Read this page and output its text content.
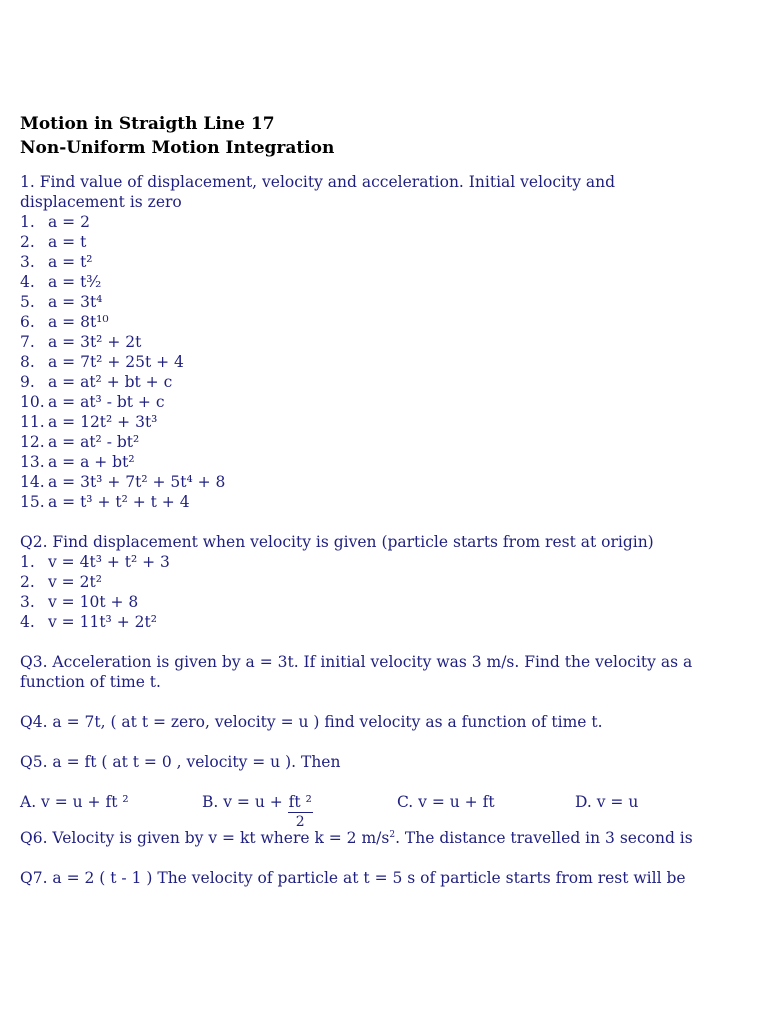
Motion in Straigth Line 17
Non-Uniform Motion Integration
1. Find value of displacement, velocity and acceleration. Initial velocity and
displacement is zero
1. a = 2
2. a = t
3. a = t²
4. a = t³⁄₂
5. a = 3t⁴
6. a = 8t¹⁰
7. a = 3t² + 2t
8. a = 7t² + 25t + 4
9. a = at² + bt + c
10. a = at³ - bt + c
11. a = 12t² + 3t³
12. a = at² - bt²
13. a = a + bt²
14. a = 3t³ + 7t² + 5t⁴ + 8
15. a = t³ + t² + t + 4
Q2. Find displacement when velocity is given (particle starts from rest at origin)
1. v = 4t³ + t² + 3
2. v = 2t²
3. v = 10t + 8
4. v = 11t³ + 2t²
Q3. Acceleration is given by a = 3t. If initial velocity was 3 m/s. Find the velocity as a
function of time t.
Q4. a = 7t, ( at t = zero, velocity = u ) find velocity as a function of time t.
Q5. a = ft ( at t = 0 , velocity = u ). Then
A. v = u + ft ²	B. $v = u + \frac{\text{ft ²}}{2}$	C. v = u + ft	D. v = u
Q6. Velocity is given by v = kt where k = 2 $m/s^2$. The distance travelled in 3 second is
Q7. a = 2 ( t - 1 ) The velocity of particle at t = 5 s of particle starts from rest will be
